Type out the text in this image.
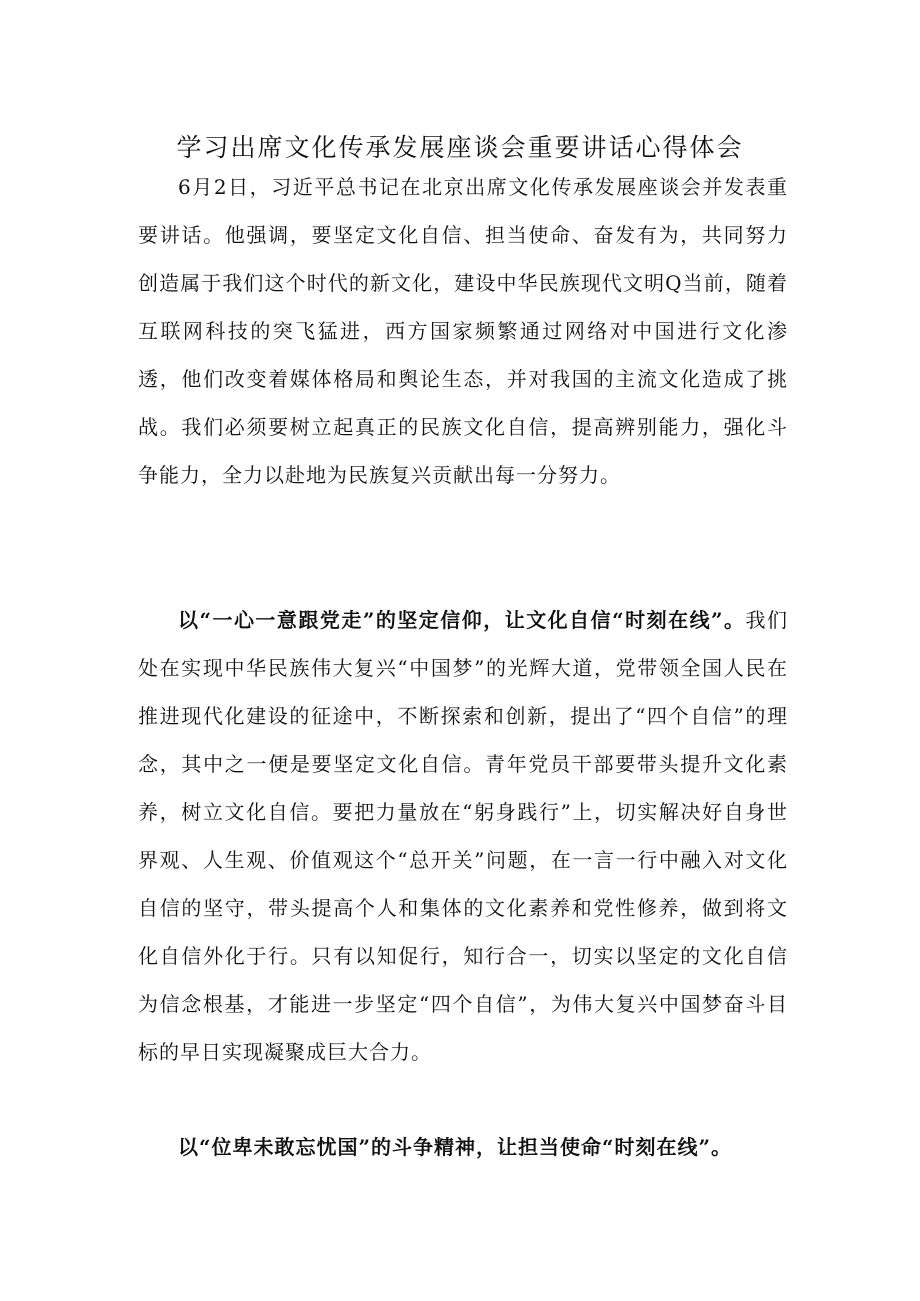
学习出席文化传承发展座谈会重要讲话心得体会

6月2日，习近平总书记在北京出席文化传承发展座谈会并发表重要讲话。他强调，要坚定文化自信、担当使命、奋发有为，共同努力创造属于我们这个时代的新文化，建设中华民族现代文明Q当前，随着互联网科技的突飞猛进，西方国家频繁通过网络对中国进行文化渗透，他们改变着媒体格局和舆论生态，并对我国的主流文化造成了挑战。我们必须要树立起真正的民族文化自信，提高辨别能力，强化斗争能力，全力以赴地为民族复兴贡献出每一分努力。

以“一心一意跟党走”的坚定信仰，让文化自信“时刻在线”。我们处在实现中华民族伟大复兴“中国梦”的光辉大道，党带领全国人民在推进现代化建设的征途中，不断探索和创新，提出了“四个自信”的理念，其中之一便是要坚定文化自信。青年党员干部要带头提升文化素养，树立文化自信。要把力量放在“躬身践行”上，切实解决好自身世界观、人生观、价值观这个“总开关”问题，在一言一行中融入对文化自信的坚守，带头提高个人和集体的文化素养和党性修养，做到将文化自信外化于行。只有以知促行，知行合一，切实以坚定的文化自信为信念根基，才能进一步坚定“四个自信”，为伟大复兴中国梦奋斗目标的早日实现凝聚成巨大合力。

以“位卑未敢忘忧国”的斗争精神，让担当使命“时刻在线”。
